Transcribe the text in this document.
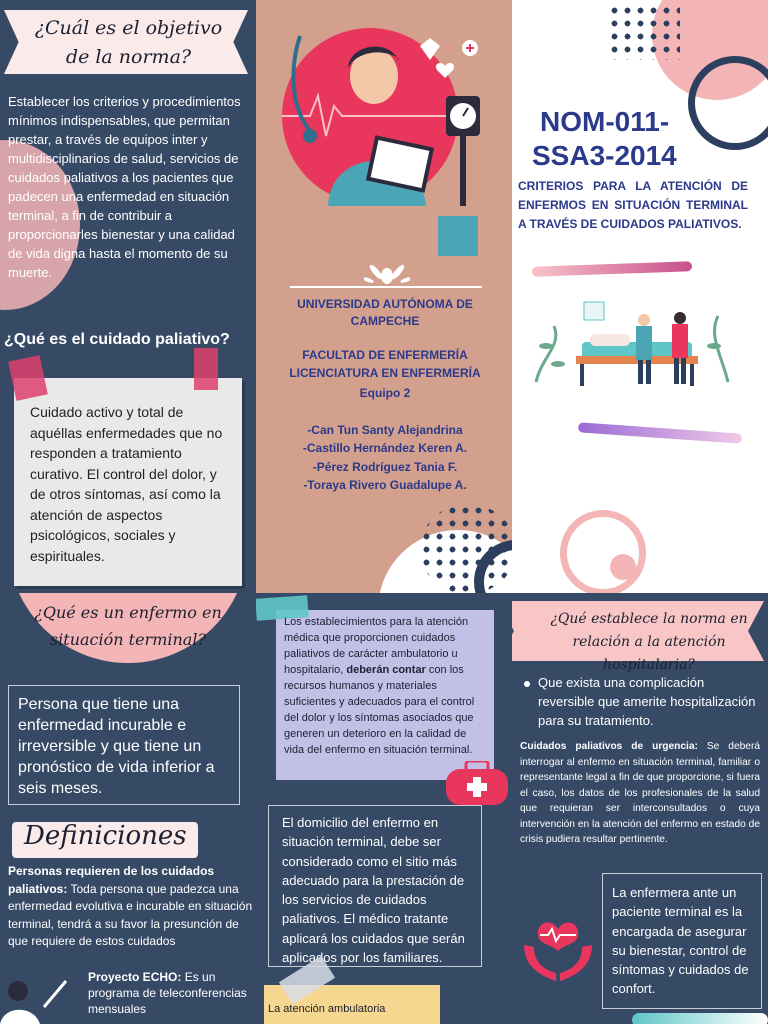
¿Cuál es el objetivo de la norma?
Establecer los criterios y procedimientos mínimos indispensables, que permitan prestar, a través de equipos inter y multidisciplinarios de salud, servicios de cuidados paliativos a los pacientes que padecen una enfermedad en situación terminal, a fin de contribuir a proporcionarles bienestar y una calidad de vida digna hasta el momento de su muerte.
¿Qué es el cuidado paliativo?
Cuidado activo y total de aquéllas enfermedades que no responden a tratamiento curativo. El control del dolor, y de otros síntomas, así como la atención de aspectos psicológicos, sociales y espirituales.
UNIVERSIDAD AUTÓNOMA DE CAMPECHE
FACULTAD DE ENFERMERÍA
LICENCIATURA EN ENFERMERÍA
Equipo 2
-Can Tun Santy Alejandrina
-Castillo Hernández Keren A.
-Pérez Rodríguez Tania F.
-Toraya Rivero Guadalupe A.
NOM-011-
SSA3-2014
CRITERIOS PARA LA ATENCIÓN DE ENFERMOS EN SITUACIÓN TERMINAL A TRAVÉS DE CUIDADOS PALIATIVOS.
¿Qué es un enfermo en situación terminal?
Persona que tiene una enfermedad incurable e irreversible y que tiene un pronóstico de vida inferior a seis meses.
Definiciones
Personas requieren de los cuidados paliativos: Toda persona que padezca una enfermedad evolutiva e incurable en situación terminal, tendrá a su favor la presunción de que requiere de estos cuidados
Proyecto ECHO: Es un programa de teleconferencias mensuales
Los establecimientos para la atención médica que proporcionen cuidados paliativos de carácter ambulatorio u hospitalario, deberán contar con los recursos humanos y materiales suficientes y adecuados para el control del dolor y los síntomas asociados que generen un deterioro en la calidad de vida del enfermo en situación terminal.
El domicilio del enfermo en situación terminal, debe ser considerado como el sitio más adecuado para la prestación de los servicios de cuidados paliativos. El médico tratante aplicará los cuidados que serán aplicados por los familiares.
La atención ambulatoria
¿Qué establece la norma en relación a la atención hospitalaria?
Que exista una complicación reversible que amerite hospitalización para su tratamiento.
Cuidados paliativos de urgencia: Se deberá interrogar al enfermo en situación terminal, familiar o representante legal a fin de que proporcione, si fuera el caso, los datos de los profesionales de la salud que requieran ser interconsultados o cuya intervención en la atención del enfermo en estado de crisis pudiera resultar pertinente.
La enfermera ante un paciente terminal es la encargada de asegurar su bienestar, control de síntomas y cuidados de confort.
